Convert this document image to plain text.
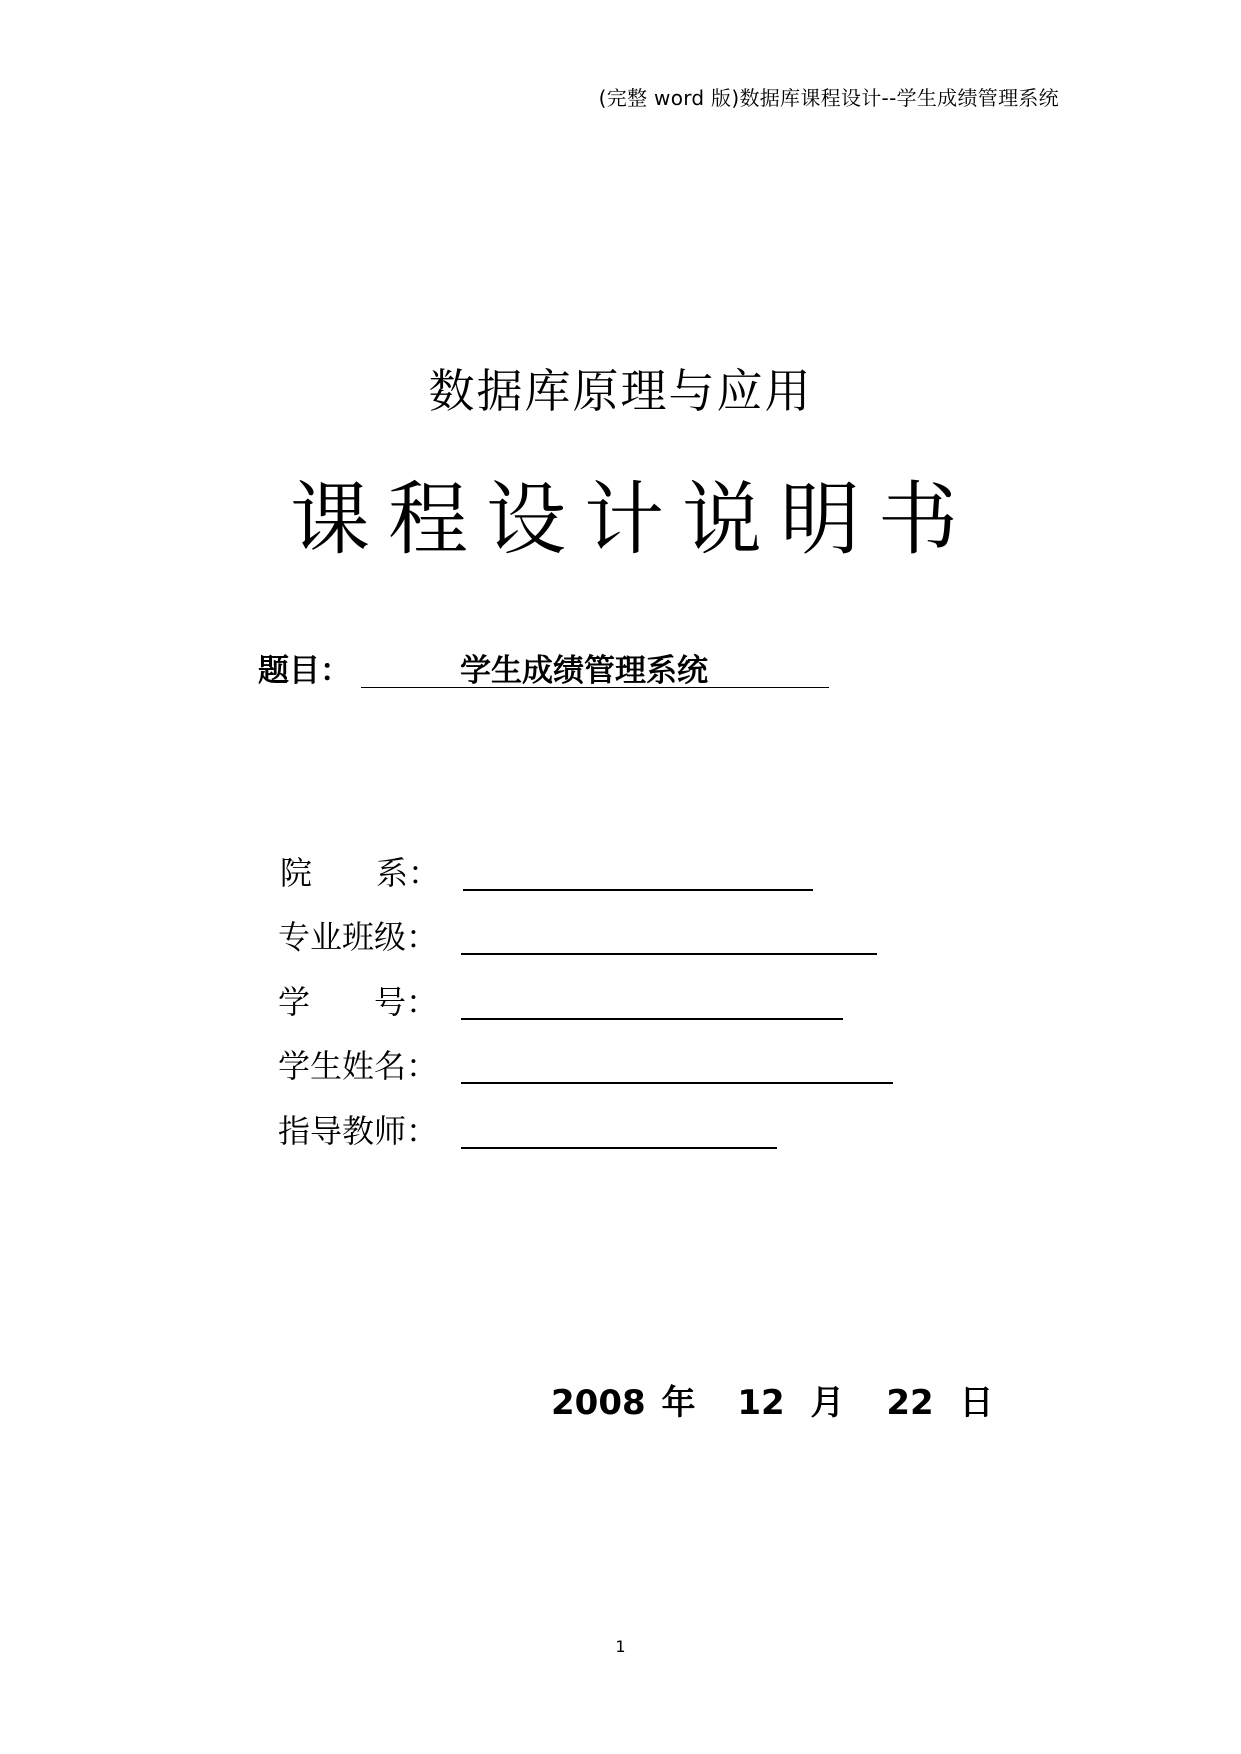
(完整 word 版)数据库课程设计--学生成绩管理系统
数据库原理与应用
课程设计说明书
题目：	学生成绩管理系统
院　　系：
专业班级：
学　　号：
学生姓名：
指导教师：
2008 年 12 月 22 日
1
